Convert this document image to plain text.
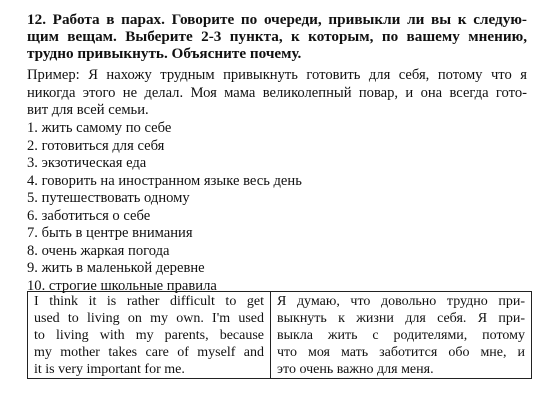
12. Работа в парах. Говорите по очереди, привыкли ли вы к следую-
щим вещам. Выберите 2-3 пункта, к которым, по вашему мнению,
трудно привыкнуть. Объясните почему.
Пример: Я нахожу трудным привыкнуть готовить для себя, потому что я
никогда этого не делал. Моя мама великолепный повар, и она всегда гото-
вит для всей семьи.
1. жить самому по себе
2. готовиться для себя
3. экзотическая еда
4. говорить на иностранном языке весь день
5. путешествовать одному
6. заботиться о себе
7. быть в центре внимания
8. очень жаркая погода
9. жить в маленькой деревне
10. строгие школьные правила
I think it is rather difficult to get
used to living on my own. I'm used
to living with my parents, because
my mother takes care of myself and
it is very important for me.
Я думаю, что довольно трудно при-
выкнуть к жизни для себя. Я при-
выкла жить с родителями, потому
что моя мать заботится обо мне, и
это очень важно для меня.
